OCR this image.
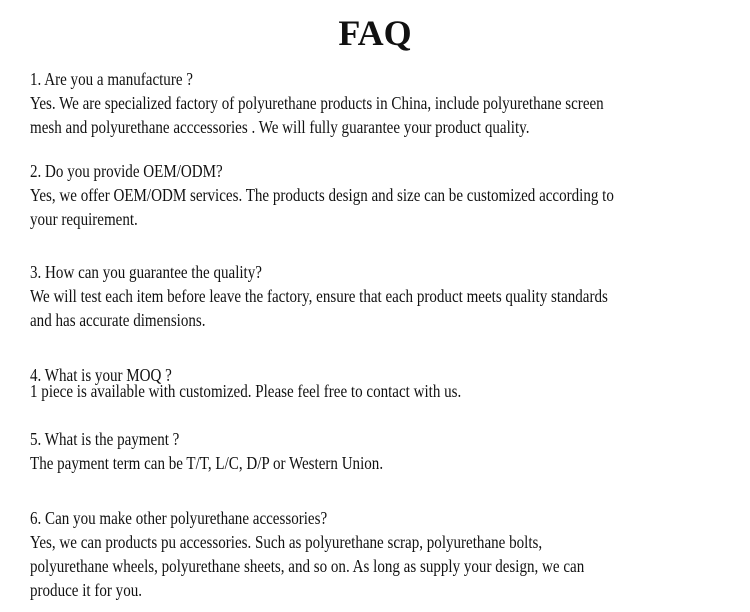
FAQ
1. Are you a manufacture ?
Yes. We are specialized factory of polyurethane products in China, include polyurethane screen
mesh and polyurethane acccessories . We will fully guarantee your product quality.
2. Do you provide OEM/ODM?
Yes, we offer OEM/ODM services. The products design and size can be customized according to
your requirement.
3. How can you guarantee the quality?
We will test each item before leave the factory, ensure that each product meets quality standards
and has accurate dimensions.
4. What is your MOQ ?
1 piece is available with customized. Please feel free to contact with us.
5. What is the payment ?
The payment term can be T/T, L/C, D/P or Western Union.
6. Can you make other polyurethane accessories?
Yes, we can products pu accessories. Such as polyurethane scrap, polyurethane bolts,
polyurethane wheels, polyurethane sheets, and so on. As long as supply your design, we can
produce it for you.
